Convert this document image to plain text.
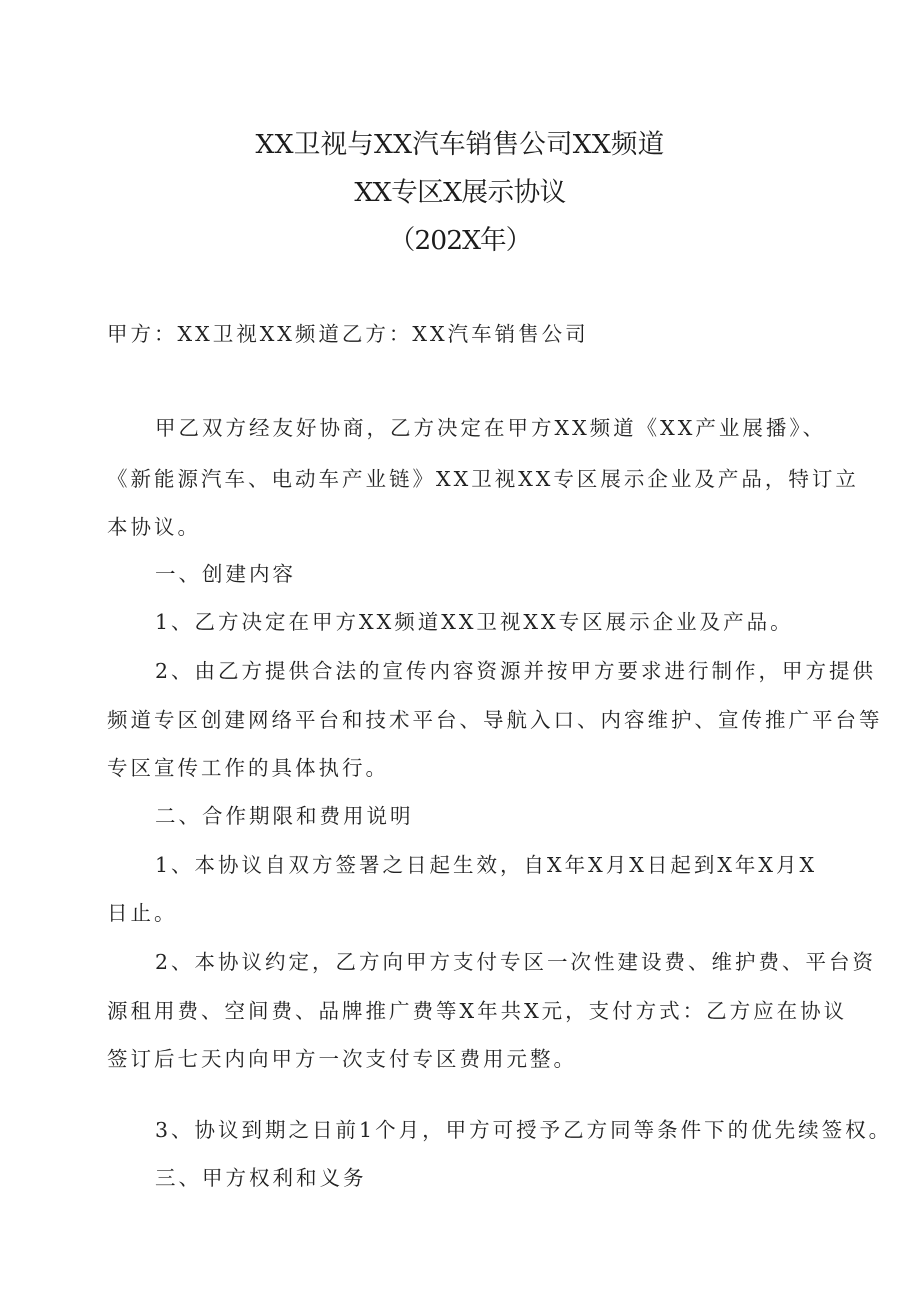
XX卫视与XX汽车销售公司XX频道
XX专区X展示协议
（202X年）
甲方：XX卫视XX频道乙方：XX汽车销售公司
甲乙双方经友好协商，乙方决定在甲方XX频道《XX产业展播》、
《新能源汽车、电动车产业链》XX卫视XX专区展示企业及产品，特订立
本协议。
一、创建内容
1、乙方决定在甲方XX频道XX卫视XX专区展示企业及产品。
2、由乙方提供合法的宣传内容资源并按甲方要求进行制作，甲方提供
频道专区创建网络平台和技术平台、导航入口、内容维护、宣传推广平台等
专区宣传工作的具体执行。
二、合作期限和费用说明
1、本协议自双方签署之日起生效，自X年X月X日起到X年X月X
日止。
2、本协议约定，乙方向甲方支付专区一次性建设费、维护费、平台资
源租用费、空间费、品牌推广费等X年共X元，支付方式：乙方应在协议
签订后七天内向甲方一次支付专区费用元整。
3、协议到期之日前1个月，甲方可授予乙方同等条件下的优先续签权。
三、甲方权利和义务
